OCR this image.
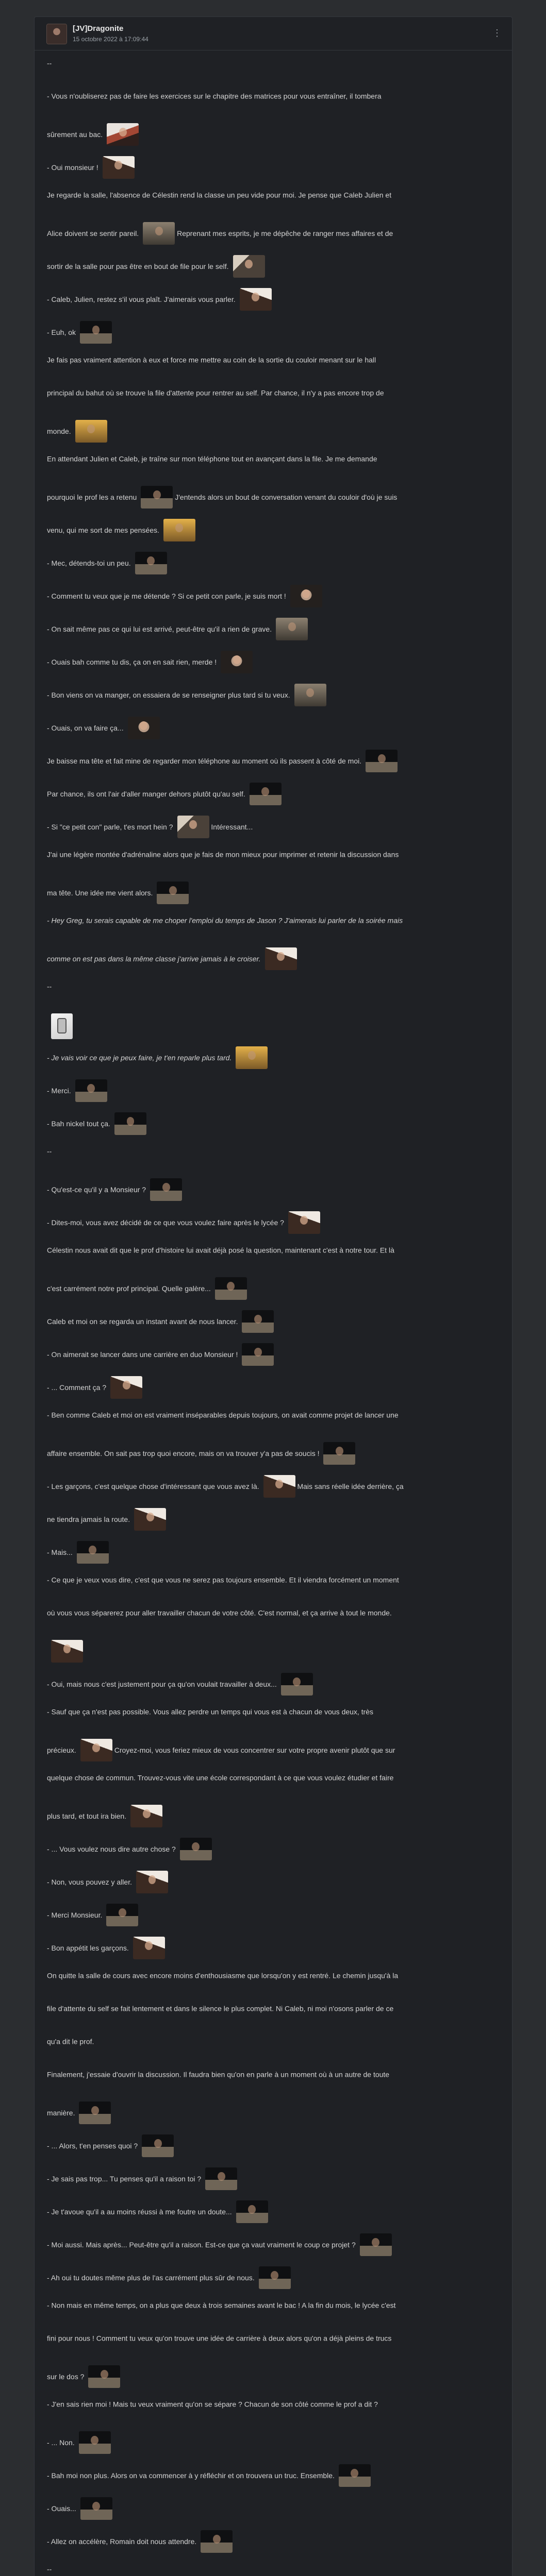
[JV]Dragonite
15 octobre 2022 à 17:09:44
⋮
--
- Vous n'oubliserez pas de faire les exercices sur le chapitre des matrices pour vous entraîner, il tombera
sûrement au bac.
- Oui monsieur !
Je regarde la salle, l'absence de Célestin rend la classe un peu vide pour moi. Je pense que Caleb Julien et
Alice doivent se sentir pareil.	Reprenant mes esprits, je me dépêche de ranger mes affaires et de
sortir de la salle pour pas être en bout de file pour le self.
- Caleb, Julien, restez s'il vous plaît. J'aimerais vous parler.
- Euh, ok
Je fais pas vraiment attention à eux et force me mettre au coin de la sortie du couloir menant sur le hall
principal du bahut où se trouve la file d'attente pour rentrer au self. Par chance, il n'y a pas encore trop de
monde.
En attendant Julien et Caleb, je traîne sur mon téléphone tout en avançant dans la file. Je me demande
pourquoi le prof les a retenu	J'entends alors un bout de conversation venant du couloir d'où je suis
venu, qui me sort de mes pensées.
- Mec, détends-toi un peu.
- Comment tu veux que je me détende ? Si ce petit con parle, je suis mort !
- On sait même pas ce qui lui est arrivé, peut-être qu'il a rien de grave.
- Ouais bah comme tu dis, ça on en sait rien, merde !
- Bon viens on va manger, on essaiera de se renseigner plus tard si tu veux.
- Ouais, on va faire ça...
Je baisse ma tête et fait mine de regarder mon téléphone au moment où ils passent à côté de moi.
Par chance, ils ont l'air d'aller manger dehors plutôt qu'au self.
- Si "ce petit con" parle, t'es mort hein ?	Intéressant...
J'ai une légère montée d'adrénaline alors que je fais de mon mieux pour imprimer et retenir la discussion dans
ma tête. Une idée me vient alors.
- Hey Greg, tu serais capable de me choper l'emploi du temps de Jason ? J'aimerais lui parler de la soirée mais
comme on est pas dans la même classe j'arrive jamais à le croiser.
--
- Je vais voir ce que je peux faire, je t'en reparle plus tard.
- Merci.
- Bah nickel tout ça.
--
- Qu'est-ce qu'il y a Monsieur ?
- Dites-moi, vous avez décidé de ce que vous voulez faire après le lycée ?
Célestin nous avait dit que le prof d'histoire lui avait déjà posé la question, maintenant c'est à notre tour. Et là
c'est carrément notre prof principal. Quelle galère...
Caleb et moi on se regarda un instant avant de nous lancer.
- On aimerait se lancer dans une carrière en duo Monsieur !
- ... Comment ça ?
- Ben comme Caleb et moi on est vraiment inséparables depuis toujours, on avait comme projet de lancer une
affaire ensemble. On sait pas trop quoi encore, mais on va trouver y'a pas de soucis !
- Les garçons, c'est quelque chose d'intéressant que vous avez là.	Mais sans réelle idée derrière, ça
ne tiendra jamais la route.
- Mais...
- Ce que je veux vous dire, c'est que vous ne serez pas toujours ensemble. Et il viendra forcément un moment
où vous vous séparerez pour aller travailler chacun de votre côté. C'est normal, et ça arrive à tout le monde.
- Oui, mais nous c'est justement pour ça qu'on voulait travailler à deux...
- Sauf que ça n'est pas possible. Vous allez perdre un temps qui vous est à chacun de vous deux, très
précieux.	Croyez-moi, vous feriez mieux de vous concentrer sur votre propre avenir plutôt que sur
quelque chose de commun. Trouvez-vous vite une école correspondant à ce que vous voulez étudier et faire
plus tard, et tout ira bien.
- ... Vous voulez nous dire autre chose ?
- Non, vous pouvez y aller.
- Merci Monsieur.
- Bon appétit les garçons.
On quitte la salle de cours avec encore moins d'enthousiasme que lorsqu'on y est rentré. Le chemin jusqu'à la
file d'attente du self se fait lentement et dans le silence le plus complet. Ni Caleb, ni moi n'osons parler de ce
qu'a dit le prof.
Finalement, j'essaie d'ouvrir la discussion. Il faudra bien qu'on en parle à un moment où à un autre de toute
manière.
- ... Alors, t'en penses quoi ?
- Je sais pas trop... Tu penses qu'il a raison toi ?
- Je t'avoue qu'il a au moins réussi à me foutre un doute...
- Moi aussi. Mais après... Peut-être qu'il a raison. Est-ce que ça vaut vraiment le coup ce projet ?
- Ah oui tu doutes même plus de l'as carrément plus sûr de nous.
- Non mais en même temps, on a plus que deux à trois semaines avant le bac ! A la fin du mois, le lycée c'est
fini pour nous ! Comment tu veux qu'on trouve une idée de carrière à deux alors qu'on a déjà pleins de trucs
sur le dos ?
- J'en sais rien moi ! Mais tu veux vraiment qu'on se sépare ? Chacun de son côté comme le prof a dit ?
- ... Non.
- Bah moi non plus. Alors on va commencer à y réfléchir et on trouvera un truc. Ensemble.
- Ouais...
- Allez on accélère, Romain doit nous attendre.
--
